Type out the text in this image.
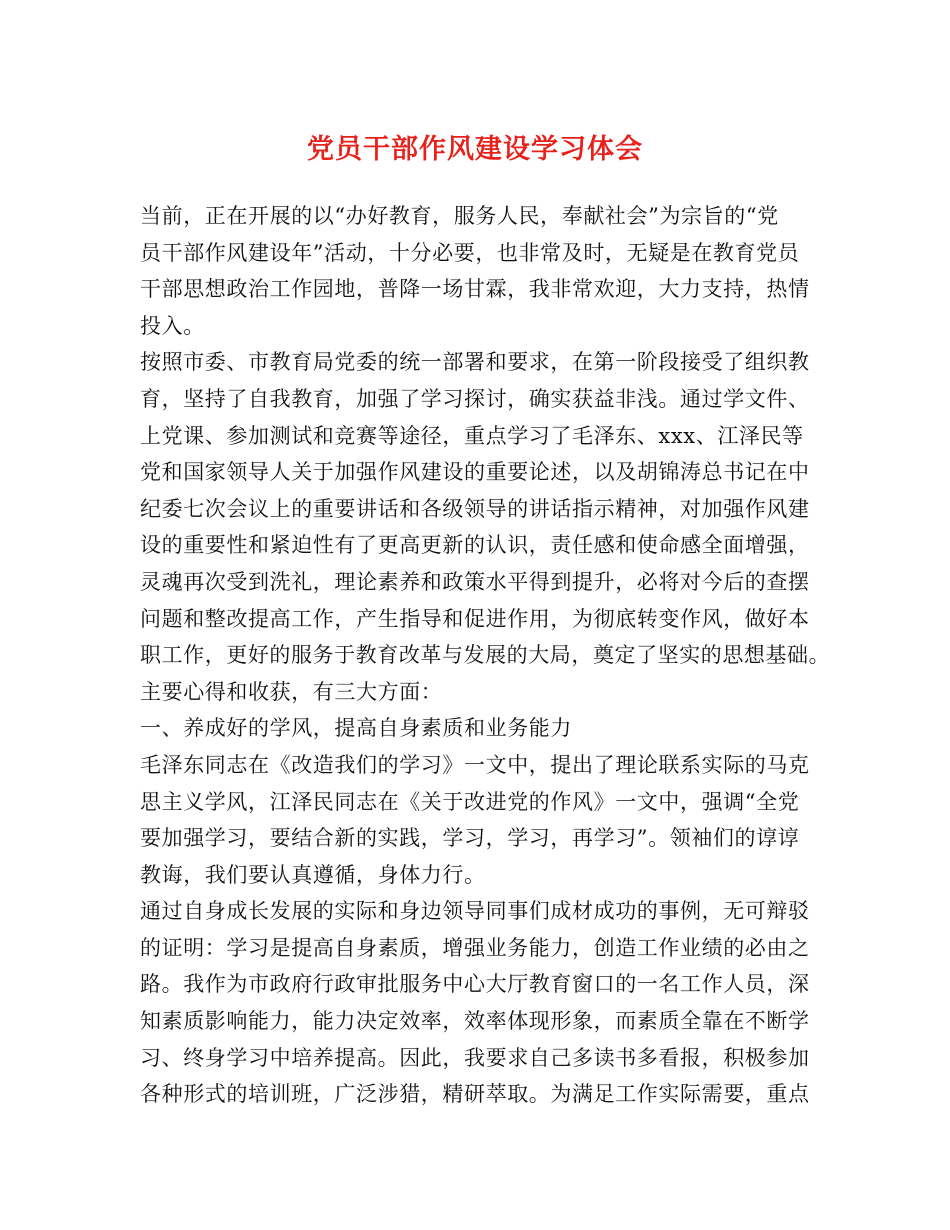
党员干部作风建设学习体会
当前，正在开展的以“办好教育，服务人民，奉献社会”为宗旨的“党
员干部作风建设年”活动，十分必要，也非常及时，无疑是在教育党员
干部思想政治工作园地，普降一场甘霖，我非常欢迎，大力支持，热情
投入。
按照市委、市教育局党委的统一部署和要求，在第一阶段接受了组织教
育，坚持了自我教育，加强了学习探讨，确实获益非浅。通过学文件、
上党课、参加测试和竞赛等途径，重点学习了毛泽东、xxx、江泽民等
党和国家领导人关于加强作风建设的重要论述，以及胡锦涛总书记在中
纪委七次会议上的重要讲话和各级领导的讲话指示精神，对加强作风建
设的重要性和紧迫性有了更高更新的认识，责任感和使命感全面增强，
灵魂再次受到洗礼，理论素养和政策水平得到提升，必将对今后的查摆
问题和整改提高工作，产生指导和促进作用，为彻底转变作风，做好本
职工作，更好的服务于教育改革与发展的大局，奠定了坚实的思想基础。
主要心得和收获，有三大方面：
一、养成好的学风，提高自身素质和业务能力
毛泽东同志在《改造我们的学习》一文中，提出了理论联系实际的马克
思主义学风，江泽民同志在《关于改进党的作风》一文中，强调“全党
要加强学习，要结合新的实践，学习，学习，再学习”。领袖们的谆谆
教诲，我们要认真遵循，身体力行。
通过自身成长发展的实际和身边领导同事们成材成功的事例，无可辩驳
的证明：学习是提高自身素质，增强业务能力，创造工作业绩的必由之
路。我作为市政府行政审批服务中心大厅教育窗口的一名工作人员，深
知素质影响能力，能力决定效率，效率体现形象，而素质全靠在不断学
习、终身学习中培养提高。因此，我要求自己多读书多看报，积极参加
各种形式的培训班，广泛涉猎，精研萃取。为满足工作实际需要，重点
